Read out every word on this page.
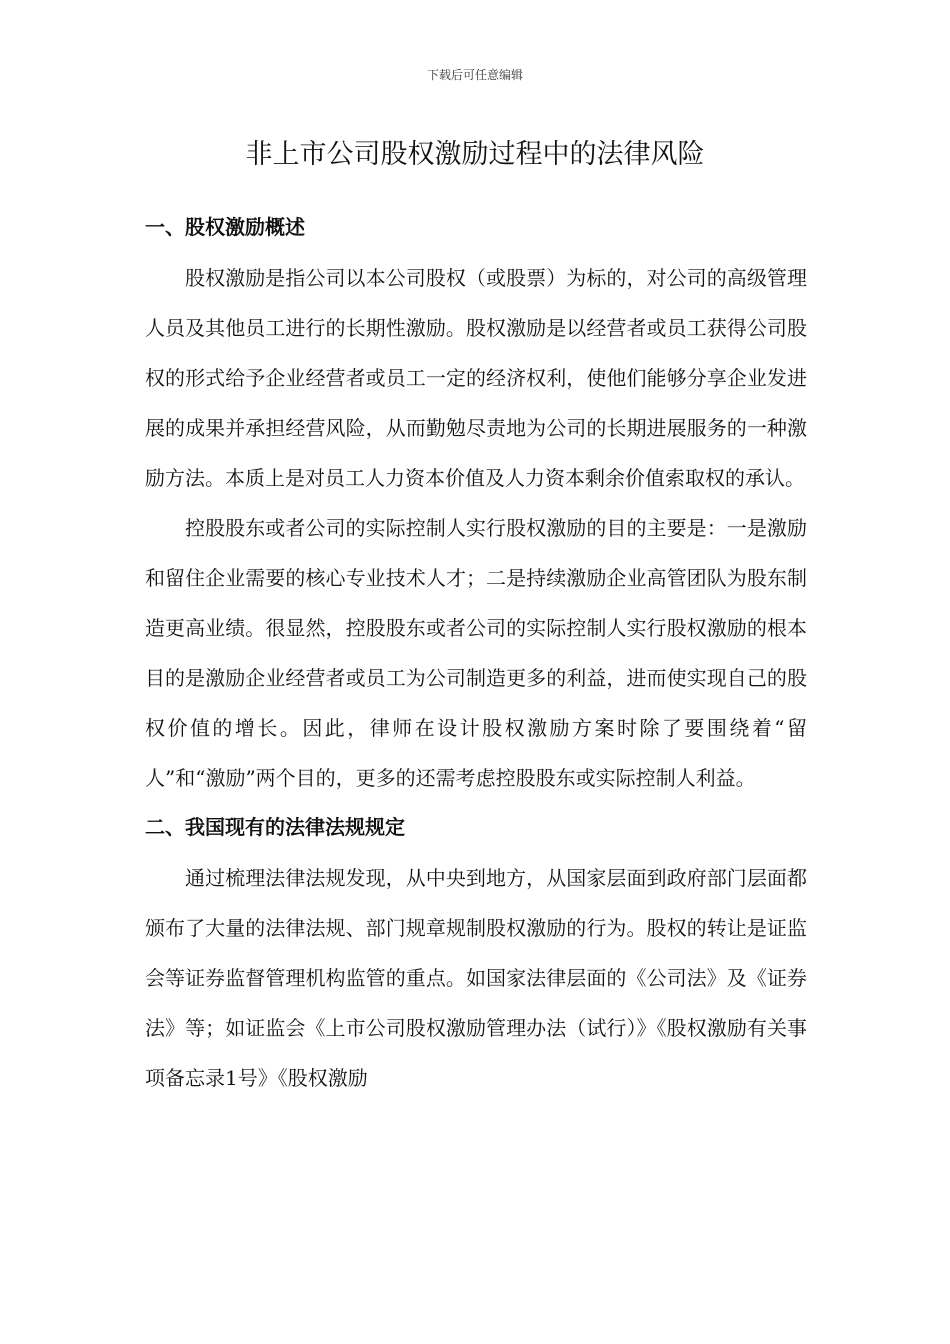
下载后可任意编辑
非上市公司股权激励过程中的法律风险
一、股权激励概述

股权激励是指公司以本公司股权（或股票）为标的，对公司的高级管理人员及其他员工进行的长期性激励。股权激励是以经营者或员工获得公司股权的形式给予企业经营者或员工一定的经济权利，使他们能够分享企业发进展的成果并承担经营风险，从而勤勉尽责地为公司的长期进展服务的一种激励方法。本质上是对员工人力资本价值及人力资本剩余价值索取权的承认。

控股股东或者公司的实际控制人实行股权激励的目的主要是：一是激励和留住企业需要的核心专业技术人才；二是持续激励企业高管团队为股东制造更高业绩。很显然，控股股东或者公司的实际控制人实行股权激励的根本目的是激励企业经营者或员工为公司制造更多的利益，进而使实现自己的股权价值的增长。因此，律师在设计股权激励方案时除了要围绕着“留人”和“激励”两个目的，更多的还需考虑控股股东或实际控制人利益。

二、我国现有的法律法规规定

通过梳理法律法规发现，从中央到地方，从国家层面到政府部门层面都颁布了大量的法律法规、部门规章规制股权激励的行为。股权的转让是证监会等证券监督管理机构监管的重点。如国家法律层面的《公司法》及《证券法》等；如证监会《上市公司股权激励管理办法（试行）》《股权激励有关事项备忘录1号》《股权激励
